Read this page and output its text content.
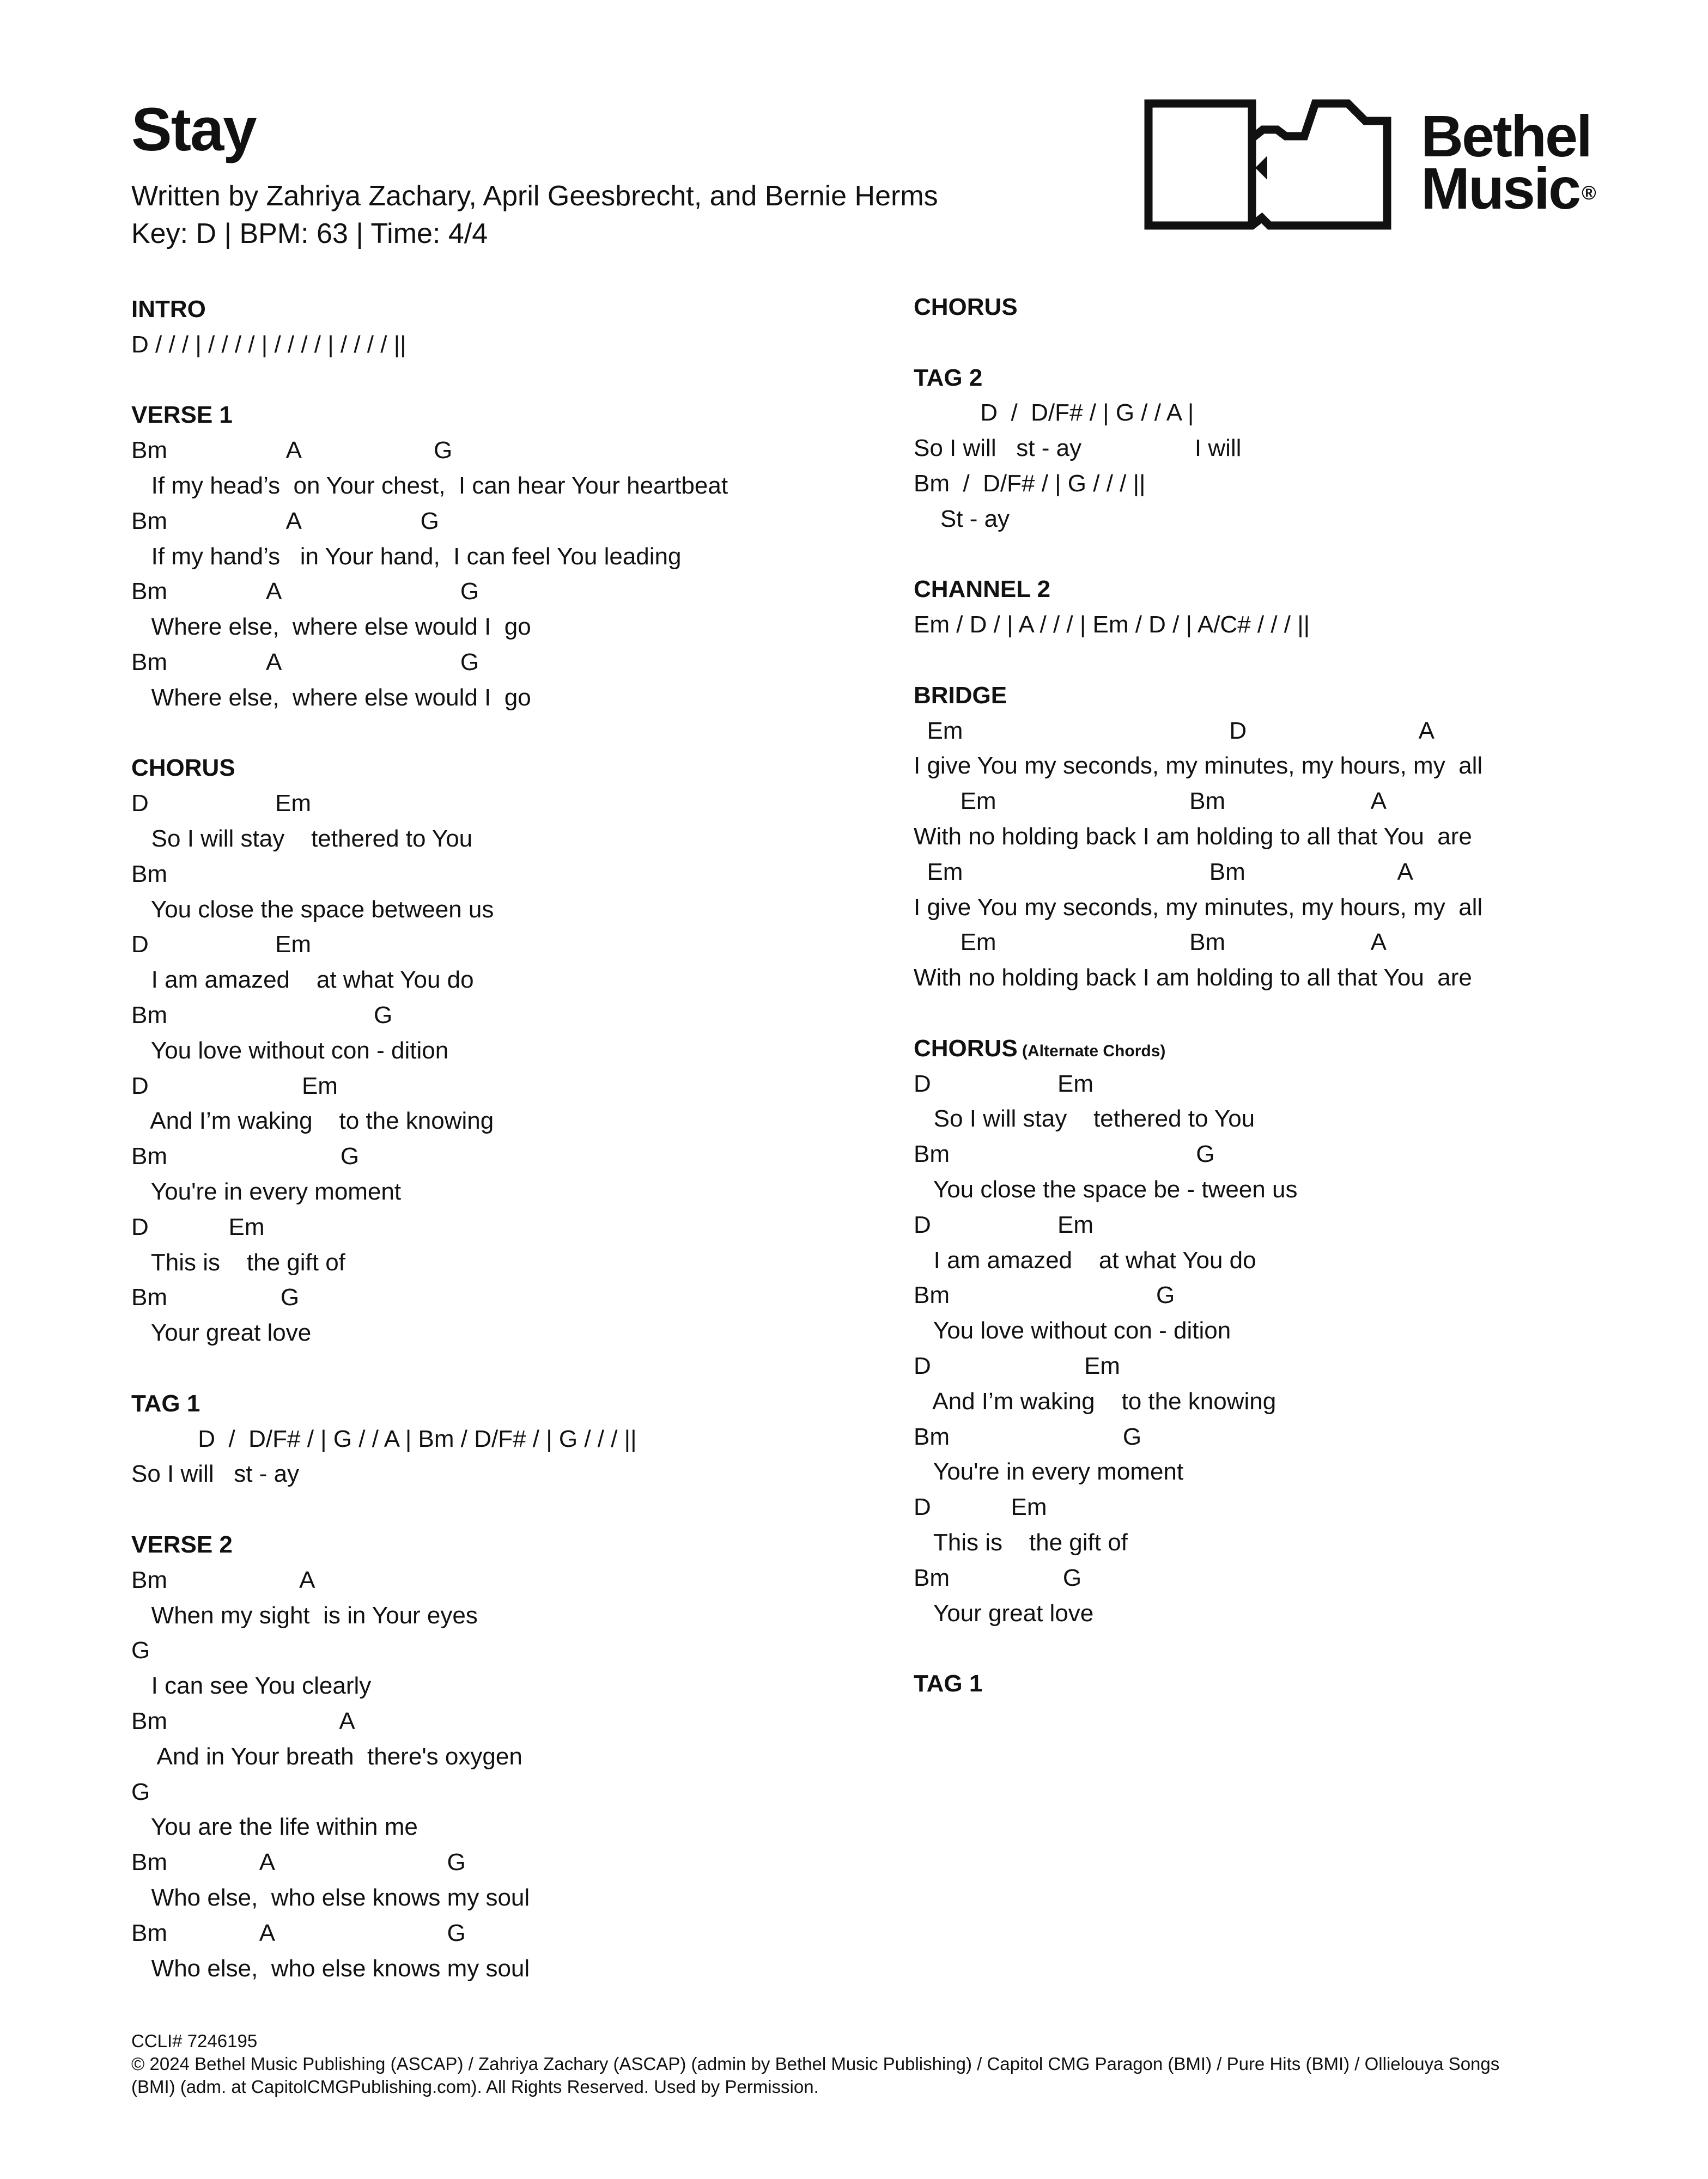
Stay
Written by Zahriya Zachary, April Geesbrecht, and Bernie Herms
Key: D | BPM: 63 | Time: 4/4
Bethel
Music ®
INTRO
D / / / | / / / / | / / / / | / / / / ||
VERSE 1
Bm                  A                    G
If my head’s  on Your chest,  I can hear Your heartbeat
Bm                  A                  G
If my hand’s   in Your hand,  I can feel You leading
Bm               A                           G
Where else,  where else would I  go
Bm               A                           G
Where else,  where else would I  go
CHORUS
D                   Em
So I will stay    tethered to You
Bm
You close the space between us
D                   Em
I am amazed    at what You do
Bm                               G
You love without con - dition
D                       Em
And I’m waking    to the knowing
Bm                          G
You're in every moment
D            Em
This is    the gift of
Bm                 G
Your great love
TAG 1
D  /  D/F# / | G / / A | Bm / D/F# / | G / / / ||
So I will   st - ay
VERSE 2
Bm                    A
When my sight  is in Your eyes
G
I can see You clearly
Bm                          A
And in Your breath  there's oxygen
G
You are the life within me
Bm              A                          G
Who else,  who else knows my soul
Bm              A                          G
Who else,  who else knows my soul
CHORUS
TAG 2
D  /  D/F# / | G / / A |
So I will   st - ay                 I will
Bm  /  D/F# / | G / / / ||
St - ay
CHANNEL 2
Em / D / | A / / / | Em / D / | A/C# / / / ||
BRIDGE
Em                                        D                          A
I give You my seconds, my minutes, my hours, my  all
Em                             Bm                      A
With no holding back I am holding to all that You  are
Em                                     Bm                       A
I give You my seconds, my minutes, my hours, my  all
Em                             Bm                      A
With no holding back I am holding to all that You  are
CHORUS (Alternate Chords)
D                   Em
So I will stay    tethered to You
Bm                                     G
You close the space be - tween us
D                   Em
I am amazed    at what You do
Bm                               G
You love without con - dition
D                       Em
And I’m waking    to the knowing
Bm                          G
You're in every moment
D            Em
This is    the gift of
Bm                 G
Your great love
TAG 1
CCLI# 7246195
© 2024 Bethel Music Publishing (ASCAP) / Zahriya Zachary (ASCAP) (admin by Bethel Music Publishing) / Capitol CMG Paragon (BMI) / Pure Hits (BMI) / Ollielouya Songs
(BMI) (adm. at CapitolCMGPublishing.com). All Rights Reserved. Used by Permission.
